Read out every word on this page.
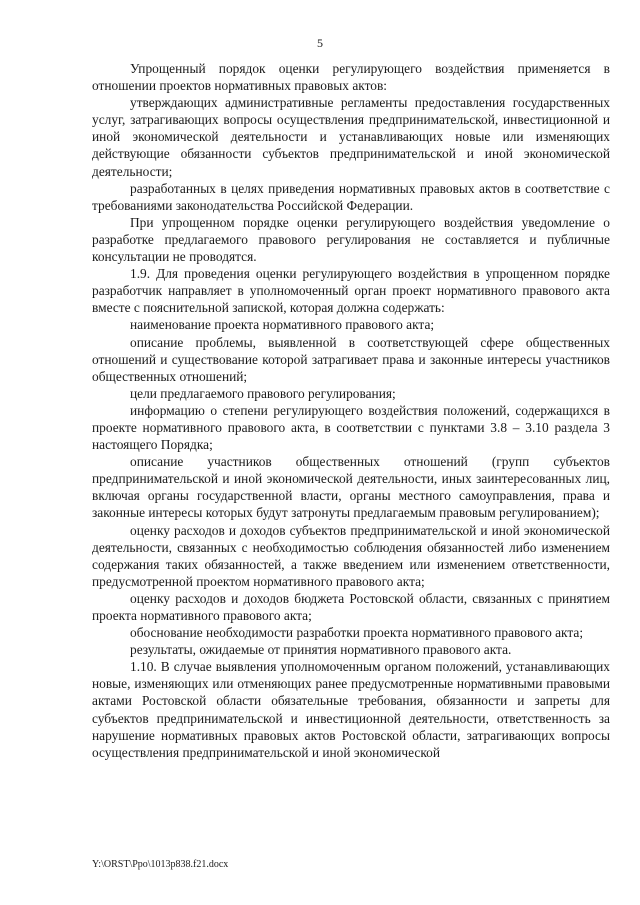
5

Упрощенный порядок оценки регулирующего воздействия применяется в отношении проектов нормативных правовых актов:

утверждающих административные регламенты предоставления государственных услуг, затрагивающих вопросы осуществления предпринимательской, инвестиционной и иной экономической деятельности и устанавливающих новые или изменяющих действующие обязанности субъектов предпринимательской и иной экономической деятельности;

разработанных в целях приведения нормативных правовых актов в соответствие с требованиями законодательства Российской Федерации.

При упрощенном порядке оценки регулирующего воздействия уведомление о разработке предлагаемого правового регулирования не составляется и публичные консультации не проводятся.

1.9. Для проведения оценки регулирующего воздействия в упрощенном порядке разработчик направляет в уполномоченный орган проект нормативного правового акта вместе с пояснительной запиской, которая должна содержать:

наименование проекта нормативного правового акта;

описание проблемы, выявленной в соответствующей сфере общественных отношений и существование которой затрагивает права и законные интересы участников общественных отношений;

цели предлагаемого правового регулирования;

информацию о степени регулирующего воздействия положений, содержащихся в проекте нормативного правового акта, в соответствии с пунктами 3.8 – 3.10 раздела 3 настоящего Порядка;

описание участников общественных отношений (групп субъектов предпринимательской и иной экономической деятельности, иных заинтересованных лиц, включая органы государственной власти, органы местного самоуправления, права и законные интересы которых будут затронуты предлагаемым правовым регулированием);

оценку расходов и доходов субъектов предпринимательской и иной экономической деятельности, связанных с необходимостью соблюдения обязанностей либо изменением содержания таких обязанностей, а также введением или изменением ответственности, предусмотренной проектом нормативного правового акта;

оценку расходов и доходов бюджета Ростовской области, связанных с принятием проекта нормативного правового акта;

обоснование необходимости разработки проекта нормативного правового акта;

результаты, ожидаемые от принятия нормативного правового акта.

1.10. В случае выявления уполномоченным органом положений, устанавливающих новые, изменяющих или отменяющих ранее предусмотренные нормативными правовыми актами Ростовской области обязательные требования, обязанности и запреты для субъектов предпринимательской и инвестиционной деятельности, ответственность за нарушение нормативных правовых актов Ростовской области, затрагивающих вопросы осуществления предпринимательской и иной экономической

Y:\ORST\Ppo\1013p838.f21.docx
